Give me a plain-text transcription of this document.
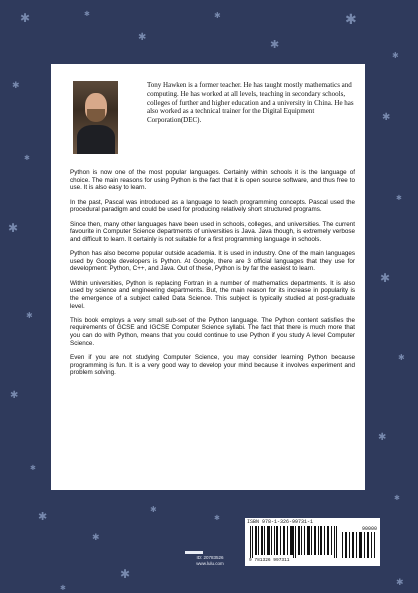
✱	✱
✱
✱
✱
✱
✱
✱
✱
✱
✱
✱
✱
✱
✱
✱
✱
✱
✱
✱
✱
✱
✱
✱
✱
✱

Tony Hawken is a former teacher. He has taught mostly mathematics and computing. He has worked at all levels, teaching in secondary schools, colleges of further and higher education and a university in China. He has also worked as a technical trainer for the Digital Equipment Corporation(DEC).

Python is now one of the most popular languages. Certainly within schools it is the language of choice. The main reasons for using Python is the fact that it is open source software, and thus free to use. It is also easy to learn.

In the past, Pascal was introduced as a language to teach programming concepts. Pascal used the procedural paradigm and could be used for producing relatively short structured programs.

Since then, many other languages have been used in schools, colleges, and universities. The current favourite in Computer Science departments of universities is Java. Java though, is extremely verbose and difficult to learn. It certainly is not suitable for a first programming language in schools.

Python has also become popular outside academia. It is used in industry. One of the main languages used by Google developers is Python. At Google, there are 3 official languages that they use for development: Python, C++, and Java. Out of these, Python is by far the easiest to learn.

Within universities, Python is replacing Fortran in a number of mathematics departments. It is also used by science and engineering departments. But, the main reason for its increase in popularity is the emergence of a subject called Data Science. This subject is typically studied at post-graduate level.

This book employs a very small sub-set of the Python language. The Python content satisfies the requirements of GCSE and IGCSE Computer Science syllabi. The fact that there is much more that you can do with Python, means that you could continue to use Python if you study A level Computer Science.

Even if you are not studying Computer Science, you may consider learning Python because programming is fun. It is a very good way to develop your mind because it involves experiment and problem solving.

ID: 20783526
www.lulu.com
ISBN 978-1-326-99731-1
90000
9 781326 997311
